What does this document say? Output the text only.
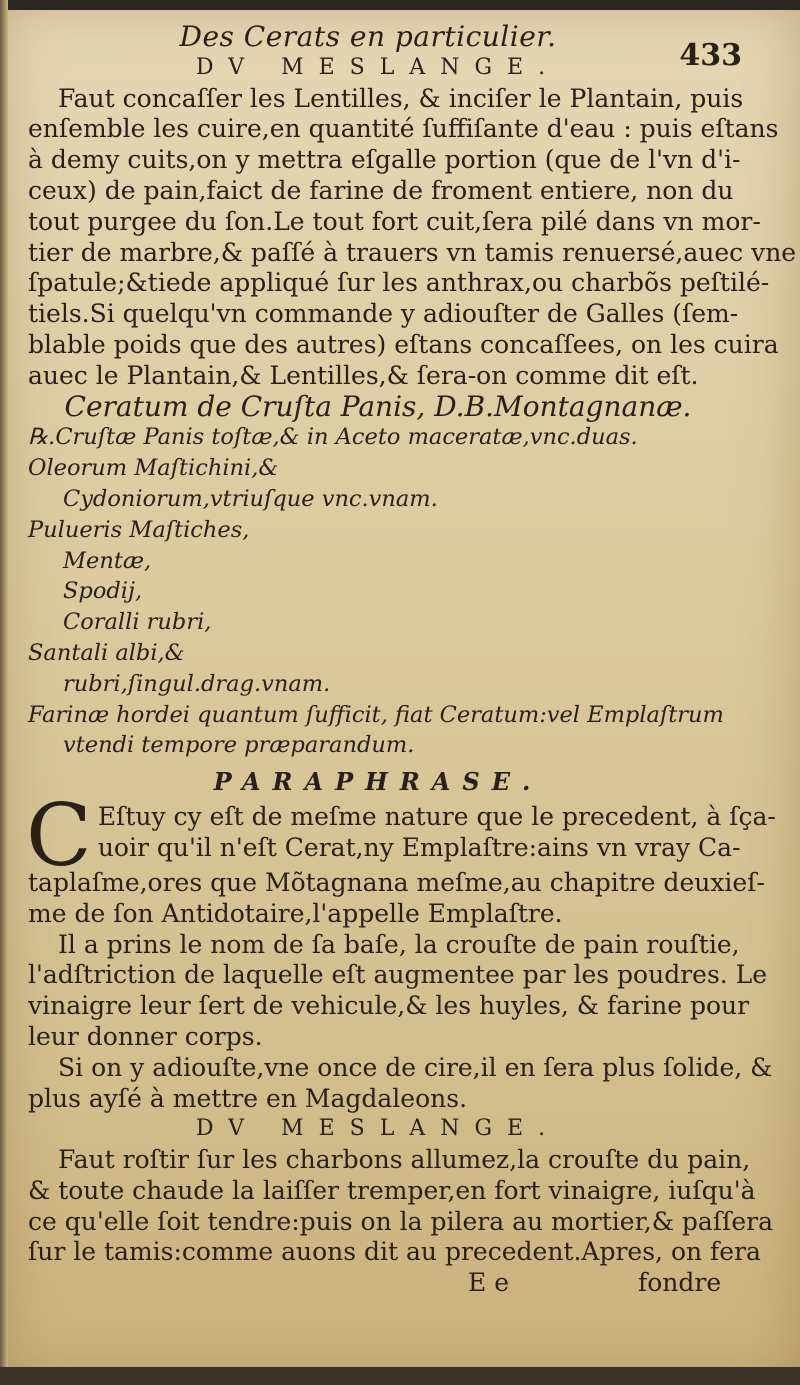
433
Des Cerats en particulier.
DV MESLANGE.
Faut concaſſer les Lentilles, & inciſer le Plantain, puis
enſemble les cuire,en quantité ſuffiſante d'eau : puis eſtans
à demy cuits,on y mettra eſgalle portion (que de l'vn d'i-
ceux) de pain,faict de farine de froment entiere, non du
tout purgee du ſon.Le tout fort cuit,ſera pilé dans vn mor-
tier de marbre,& paſſé à trauers vn tamis renuersé,auec vne
ſpatule;&tiede appliqué ſur les anthrax,ou charbõs peſtilé-
tiels.Si quelqu'vn commande y adiouſter de Galles (ſem-
blable poids que des autres) eſtans concaſſees, on les cuira
auec le Plantain,& Lentilles,& ſera-on comme dit eſt.
Ceratum de Cruſta Panis, D.B.Montagnanæ.
℞.Cruſtæ Panis toſtæ,& in Aceto maceratæ,vnc.duas.
Oleorum Maſtichini,&
Cydoniorum,vtriuſque vnc.vnam.
Pulueris Maſtiches,
Mentæ,
Spodij,
Coralli rubri,
Santali albi,&
rubri,ſingul.drag.vnam.
Farinæ hordei quantum ſufficit, fiat Ceratum:vel Emplaſtrum
vtendi tempore præparandum.
PARAPHRASE.
C Eſtuy cy eſt de meſme nature que le precedent, à ſça-
uoir qu'il n'eſt Cerat,ny Emplaſtre:ains vn vray Ca-
taplaſme,ores que Mõtagnana meſme,au chapitre deuxieſ-
me de ſon Antidotaire,l'appelle Emplaſtre.
Il a prins le nom de ſa baſe, la crouſte de pain rouſtie,
l'adſtriction de laquelle eſt augmentee par les poudres. Le
vinaigre leur ſert de vehicule,& les huyles, & farine pour
leur donner corps.
Si on y adiouſte,vne once de cire,il en ſera plus ſolide, &
plus ayſé à mettre en Magdaleons.
DV MESLANGE.
Faut roſtir ſur les charbons allumez,la crouſte du pain,
& toute chaude la laiſſer tremper,en fort vinaigre, iuſqu'à
ce qu'elle ſoit tendre:puis on la pilera au mortier,& paſſera
ſur le tamis:comme auons dit au precedent.Apres, on fera
E e	fondre
